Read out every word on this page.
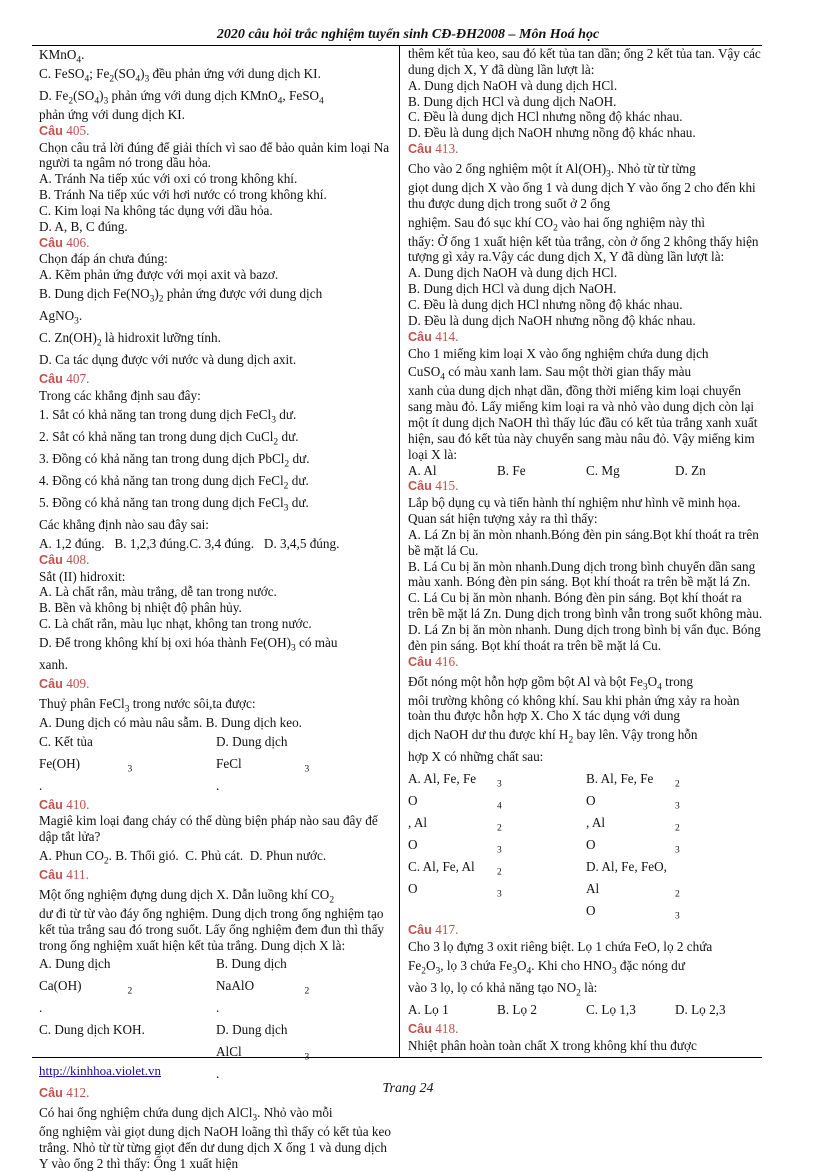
2020 câu hỏi trắc nghiệm tuyển sinh CĐ-ĐH2008 – Môn Hoá học

KMnO$_4$.

C. FeSO$_4$; $Fe_2(SO_4)_3$ đều phản ứng với dung dịch KI.

D. $Fe_2(SO_4)_3$ phản ứng với dung dịch KMnO$_4$, FeSO$_4$

phản ứng với dung dịch KI.

Câu 405.

Chọn câu trả lời đúng để giải thích vì sao để bảo quản kim loại Na người ta ngâm nó trong dầu hỏa.

A. Tránh Na tiếp xúc với oxi có trong không khí.

B. Tránh Na tiếp xúc với hơi nước có trong không khí.

C. Kim loại Na không tác dụng với dầu hỏa.

D. A, B, C đúng.

Câu 406.

Chọn đáp án chưa đúng:

A. Kẽm phản ứng được với mọi axit và bazơ.

B. Dung dịch $Fe(NO_3)_2$ phản ứng được với dung dịch

AgNO$_3$.

C. $Zn(OH)_2$ là hidroxit lưỡng tính.

D. Ca tác dụng được với nước và dung dịch axit.

Câu 407.

Trong các khẳng định sau đây:

1. Sắt có khả năng tan trong dung dịch FeCl$_3$ dư.

2. Sắt có khả năng tan trong dung dịch CuCl$_2$ dư.

3. Đồng có khả năng tan trong dung dịch PbCl$_2$ dư.

4. Đồng có khả năng tan trong dung dịch FeCl$_2$ dư.

5. Đồng có khả năng tan trong dung dịch FeCl$_3$ dư.

Các khẳng định nào sau đây sai:

A. 1,2 đúng.   B. 1,2,3 đúng.C. 3,4 đúng.   D. 3,4,5 đúng.

Câu 408.

Sắt (II) hidroxit:

A. Là chất rắn, màu trắng, dễ tan trong nước.

B. Bền và không bị nhiệt độ phân hủy.

C. Là chất rắn, màu lục nhạt, không tan trong nước.

D. Để trong không khí bị oxi hóa thành $Fe(OH)_3$ có màu

xanh.

Câu 409.

Thuỷ phân FeCl$_3$ trong nước sôi,ta được:

A. Dung dịch có màu nâu sẫm. B. Dung dịch keo.

C. Kết tủa Fe(OH)	$_3$.
D. Dung dịch FeCl	$_3$.

Câu 410.

Magiê kim loại đang cháy có thể dùng biện pháp nào sau đây để dập tắt lửa?

A. Phun $CO_2$. B. Thổi gió.  C. Phủ cát.  D. Phun nước.

Câu 411.

Một ống nghiệm đựng dung dịch X. Dẫn luồng khí $CO_2$

dư đi từ từ vào đáy ống nghiệm. Dung dịch trong ống nghiệm tạo kết tủa trắng sau đó trong suốt. Lấy ống nghiệm đem đun thì thấy trong ống nghiệm xuất hiện kết tủa trắng. Dung dịch X là:

A. Dung dịch Ca(OH)	$_2$.
B. Dung dịch NaAlO	$_2$.

C. Dung dịch KOH.	D. Dung dịch AlCl	$_3$.

Câu 412.

Có hai ống nghiệm chứa dung dịch AlCl$_3$. Nhỏ vào mỗi

ống nghiệm vài giọt dung dịch NaOH loãng thì thấy có kết tủa keo trắng. Nhỏ từ từ từng giọt đến dư dung dịch X ống 1 và dung dịch Y vào ống 2 thì thấy: Ống 1 xuất hiện

thêm kết tủa keo, sau đó kết tủa tan dần; ống 2 kết tủa tan. Vậy các dung dịch X, Y đã dùng lần lượt là:

A. Dung dịch NaOH và dung dịch HCl.

B. Dung dịch HCl và dung dịch NaOH.

C. Đều là dung dịch HCl nhưng nồng độ khác nhau.

D. Đều là dung dịch NaOH nhưng nồng độ khác nhau.

Câu 413.

Cho vào 2 ống nghiệm một ít $Al(OH)_3$. Nhỏ từ từ từng

giọt dung dịch X vào ống 1 và dung dịch Y vào ống 2 cho đến khi thu được dung dịch trong suốt ở 2 ống

nghiệm. Sau đó sục khí $CO_2$ vào hai ống nghiệm này thì

thấy: Ở ống 1 xuất hiện kết tủa trắng, còn ở ống 2 không thấy hiện tượng gì xảy ra.Vậy các dung dịch X, Y đã dùng lần lượt là:

A. Dung dịch NaOH và dung dịch HCl.

B. Dung dịch HCl và dung dịch NaOH.

C. Đều là dung dịch HCl nhưng nồng độ khác nhau.

D. Đều là dung dịch NaOH nhưng nồng độ khác nhau.

Câu 414.

Cho 1 miếng kim loại X vào ống nghiệm chứa dung dịch

CuSO$_4$ có màu xanh lam. Sau một thời gian thấy màu

xanh của dung dịch nhạt dần, đồng thời miếng kim loại chuyển sang màu đỏ. Lấy miếng kim loại ra và nhỏ vào dung dịch còn lại một ít dung dịch NaOH thì thấy lúc đầu có kết tủa trắng xanh xuất hiện, sau đó kết tủa này chuyển sang màu nâu đỏ. Vậy miếng kim loại X là:

A. Al	B. Fe	C. Mg	D. Zn

Câu 415.

Lắp bộ dụng cụ và tiến hành thí nghiệm như hình vẽ minh họa.

Quan sát hiện tượng xảy ra thì thấy:

A. Lá Zn bị ăn mòn nhanh.Bóng đèn pin sáng.Bọt khí thoát ra trên bề mặt lá Cu.

B. Lá Cu bị ăn mòn nhanh.Dung dịch trong bình chuyển dần sang màu xanh. Bóng đèn pin sáng. Bọt khí thoát ra trên bề mặt lá Zn.

C. Lá Cu bị ăn mòn nhanh. Bóng đèn pin sáng. Bọt khí thoát ra trên bề mặt lá Zn. Dung dịch trong bình vẫn trong suốt không màu.

D. Lá Zn bị ăn mòn nhanh. Dung dịch trong bình bị vẩn đục. Bóng đèn pin sáng. Bọt khí thoát ra trên bề mặt lá Cu.

Câu 416.

Đốt nóng một hỗn hợp gồm bột Al và bột $Fe_3O_4$ trong

môi trường không có không khí. Sau khi phản ứng xảy ra hoàn toàn thu được hỗn hợp X. Cho X tác dụng với dung

dịch NaOH dư thu được khí $H_2$ bay lên. Vậy trong hỗn

hợp X có những chất sau:

A. Al, Fe, Fe $_3$O	$_4$, Al	$_2$O	$_3$
B. Al, Fe, Fe $_2$O	$_3$, Al	$_2$O	$_3$

C. Al, Fe, Al $_2$O	$_3$
D. Al, Fe, FeO, Al	$_2$O	$_3$

Câu 417.

Cho 3 lọ đựng 3 oxit riêng biệt. Lọ 1 chứa FeO, lọ 2 chứa

$Fe_2O_3$, lọ 3 chứa $Fe_3O_4$. Khi cho $HNO_3$ đặc nóng dư

vào 3 lọ, lọ có khả năng tạo $NO_2$ là:

A. Lọ 1	B. Lọ 2	C. Lọ 1,3	D. Lọ 2,3

Câu 418.

Nhiệt phân hoàn toàn chất X trong không khí thu được

http://kinhhoa.violet.vn
Trang 24
